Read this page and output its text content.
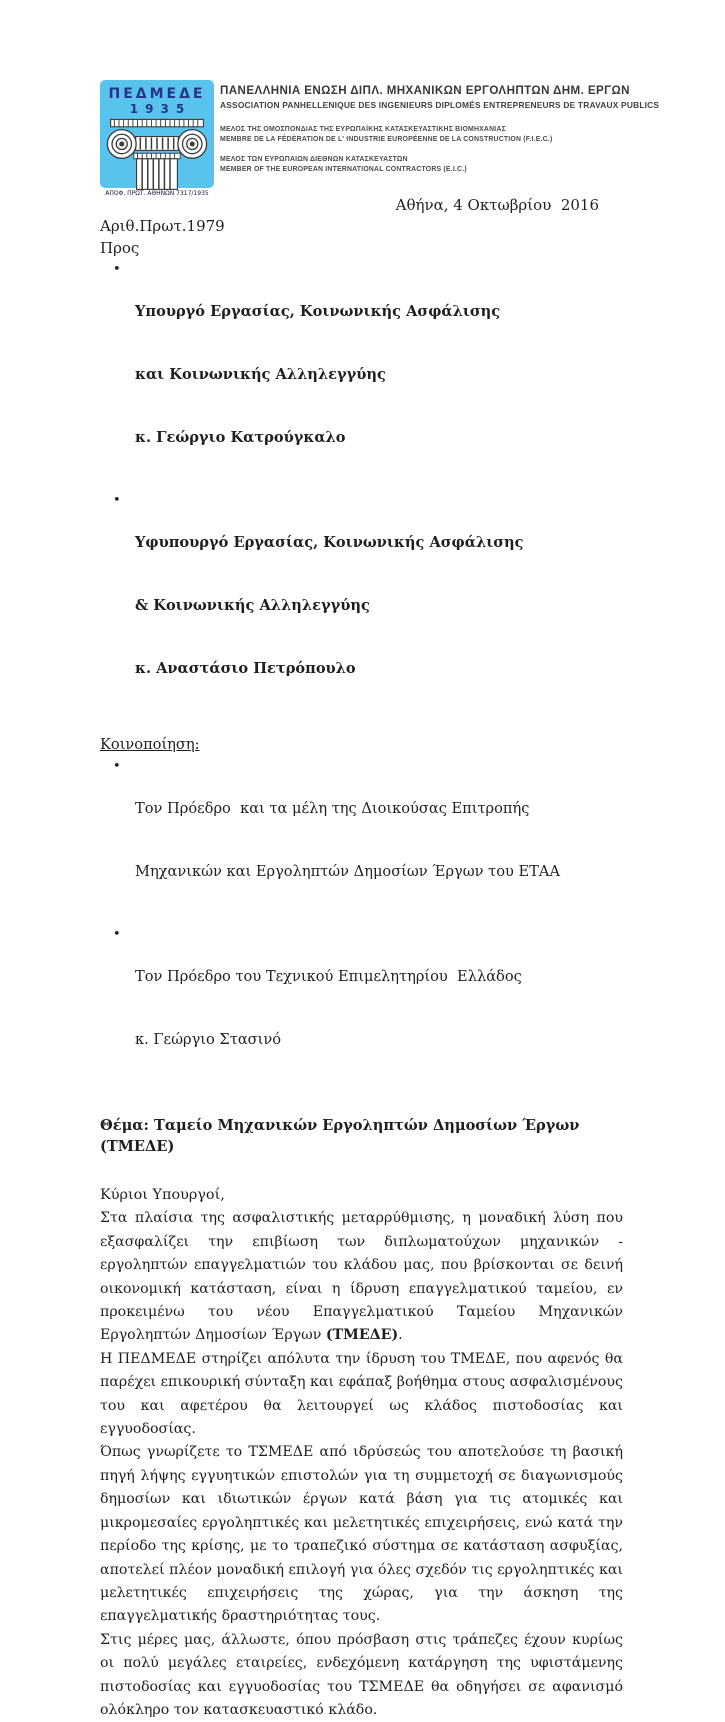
ΠΕΔΜΕΔΕ
1935
ΑΠΟΦ. ΠΡΩΤ. ΑΘΗΝΩΝ 7317/1935
ΠΑΝΕΛΛΗΝΙΑ ΕΝΩΣΗ ΔΙΠΛ. ΜΗΧΑΝΙΚΩΝ ΕΡΓΟΛΗΠΤΩΝ ΔΗΜ. ΕΡΓΩΝ
ASSOCIATION PANHELLENIQUE DES INGENIEURS DIPLOMÉS ENTREPRENEURS DE TRAVAUX PUBLICS
ΜΕΛΟΣ ΤΗΣ ΟΜΟΣΠΟΝΔΙΑΣ ΤΗΣ ΕΥΡΩΠΑΪΚΗΣ ΚΑΤΑΣΚΕΥΑΣΤΙΚΗΣ ΒΙΟΜΗΧΑΝΙΑΣ
MEMBRE DE LA FÉDÉRATION DE L' INDUSTRIE EUROPÉENNE DE LA CONSTRUCTION (F.I.E.C.)
ΜΕΛΟΣ ΤΩΝ ΕΥΡΩΠΑΙΩΝ ΔΙΕΘΝΩΝ ΚΑΤΑΣΚΕΥΑΣΤΩΝ
MEMBER OF THE EUROPEAN INTERNATIONAL CONTRACTORS (E.I.C.)
Αθήνα, 4 Οκτωβρίου  2016
Αριθ.Πρωτ.1979
Προς
•

Υπουργό Εργασίας, Κοινωνικής Ασφάλισης

και Κοινωνικής Αλληλεγγύης

κ. Γεώργιο Κατρούγκαλο

•

Υφυπουργό Εργασίας, Κοινωνικής Ασφάλισης

& Κοινωνικής Αλληλεγγύης

κ. Αναστάσιο Πετρόπουλο

Κοινοποίηση:
•

Τον Πρόεδρο  και τα μέλη της Διοικούσας Επιτροπής

Μηχανικών και Εργοληπτών Δημοσίων Έργων του ΕΤΑΑ

•

Τον Πρόεδρο του Τεχνικού Επιμελητηρίου  Ελλάδος

κ. Γεώργιο Στασινό

Θέμα: Ταμείο Μηχανικών Εργοληπτών Δημοσίων Έργων (ΤΜΕΔΕ)
Κύριοι Υπουργοί,

Στα πλαίσια της ασφαλιστικής μεταρρύθμισης, η μοναδική λύση που εξασφαλίζει την επιβίωση των διπλωματούχων μηχανικών - εργοληπτών επαγγελματιών του κλάδου μας, που βρίσκονται σε δεινή οικονομική κατάσταση, είναι η ίδρυση επαγγελματικού ταμείου, εν προκειμένω του νέου Επαγγελματικού Ταμείου Μηχανικών Εργοληπτών Δημοσίων Έργων (ΤΜΕΔΕ).

Η ΠΕΔΜΕΔΕ στηρίζει απόλυτα την ίδρυση του ΤΜΕΔΕ, που αφενός θα παρέχει επικουρική σύνταξη και εφάπαξ βοήθημα στους ασφαλισμένους του και αφετέρου θα λειτουργεί ως κλάδος πιστοδοσίας και εγγυοδοσίας.

Όπως γνωρίζετε το ΤΣΜΕΔΕ από ιδρύσεώς του αποτελούσε τη βασική πηγή λήψης εγγυητικών επιστολών για τη συμμετοχή σε διαγωνισμούς δημοσίων και ιδιωτικών έργων κατά βάση για τις ατομικές και μικρομεσαίες εργοληπτικές και μελετητικές επιχειρήσεις, ενώ κατά την περίοδο της κρίσης, με το τραπεζικό σύστημα σε κατάσταση ασφυξίας, αποτελεί πλέον μοναδική επιλογή για όλες σχεδόν τις εργοληπτικές και μελετητικές επιχειρήσεις της χώρας, για την άσκηση της επαγγελματικής δραστηριότητας τους.

Στις μέρες μας, άλλωστε, όπου πρόσβαση στις τράπεζες έχουν κυρίως οι πολύ μεγάλες εταιρείες, ενδεχόμενη κατάργηση της υφιστάμενης πιστοδοσίας και εγγυοδοσίας του ΤΣΜΕΔΕ θα οδηγήσει σε αφανισμό ολόκληρο τον κατασκευαστικό κλάδο.
